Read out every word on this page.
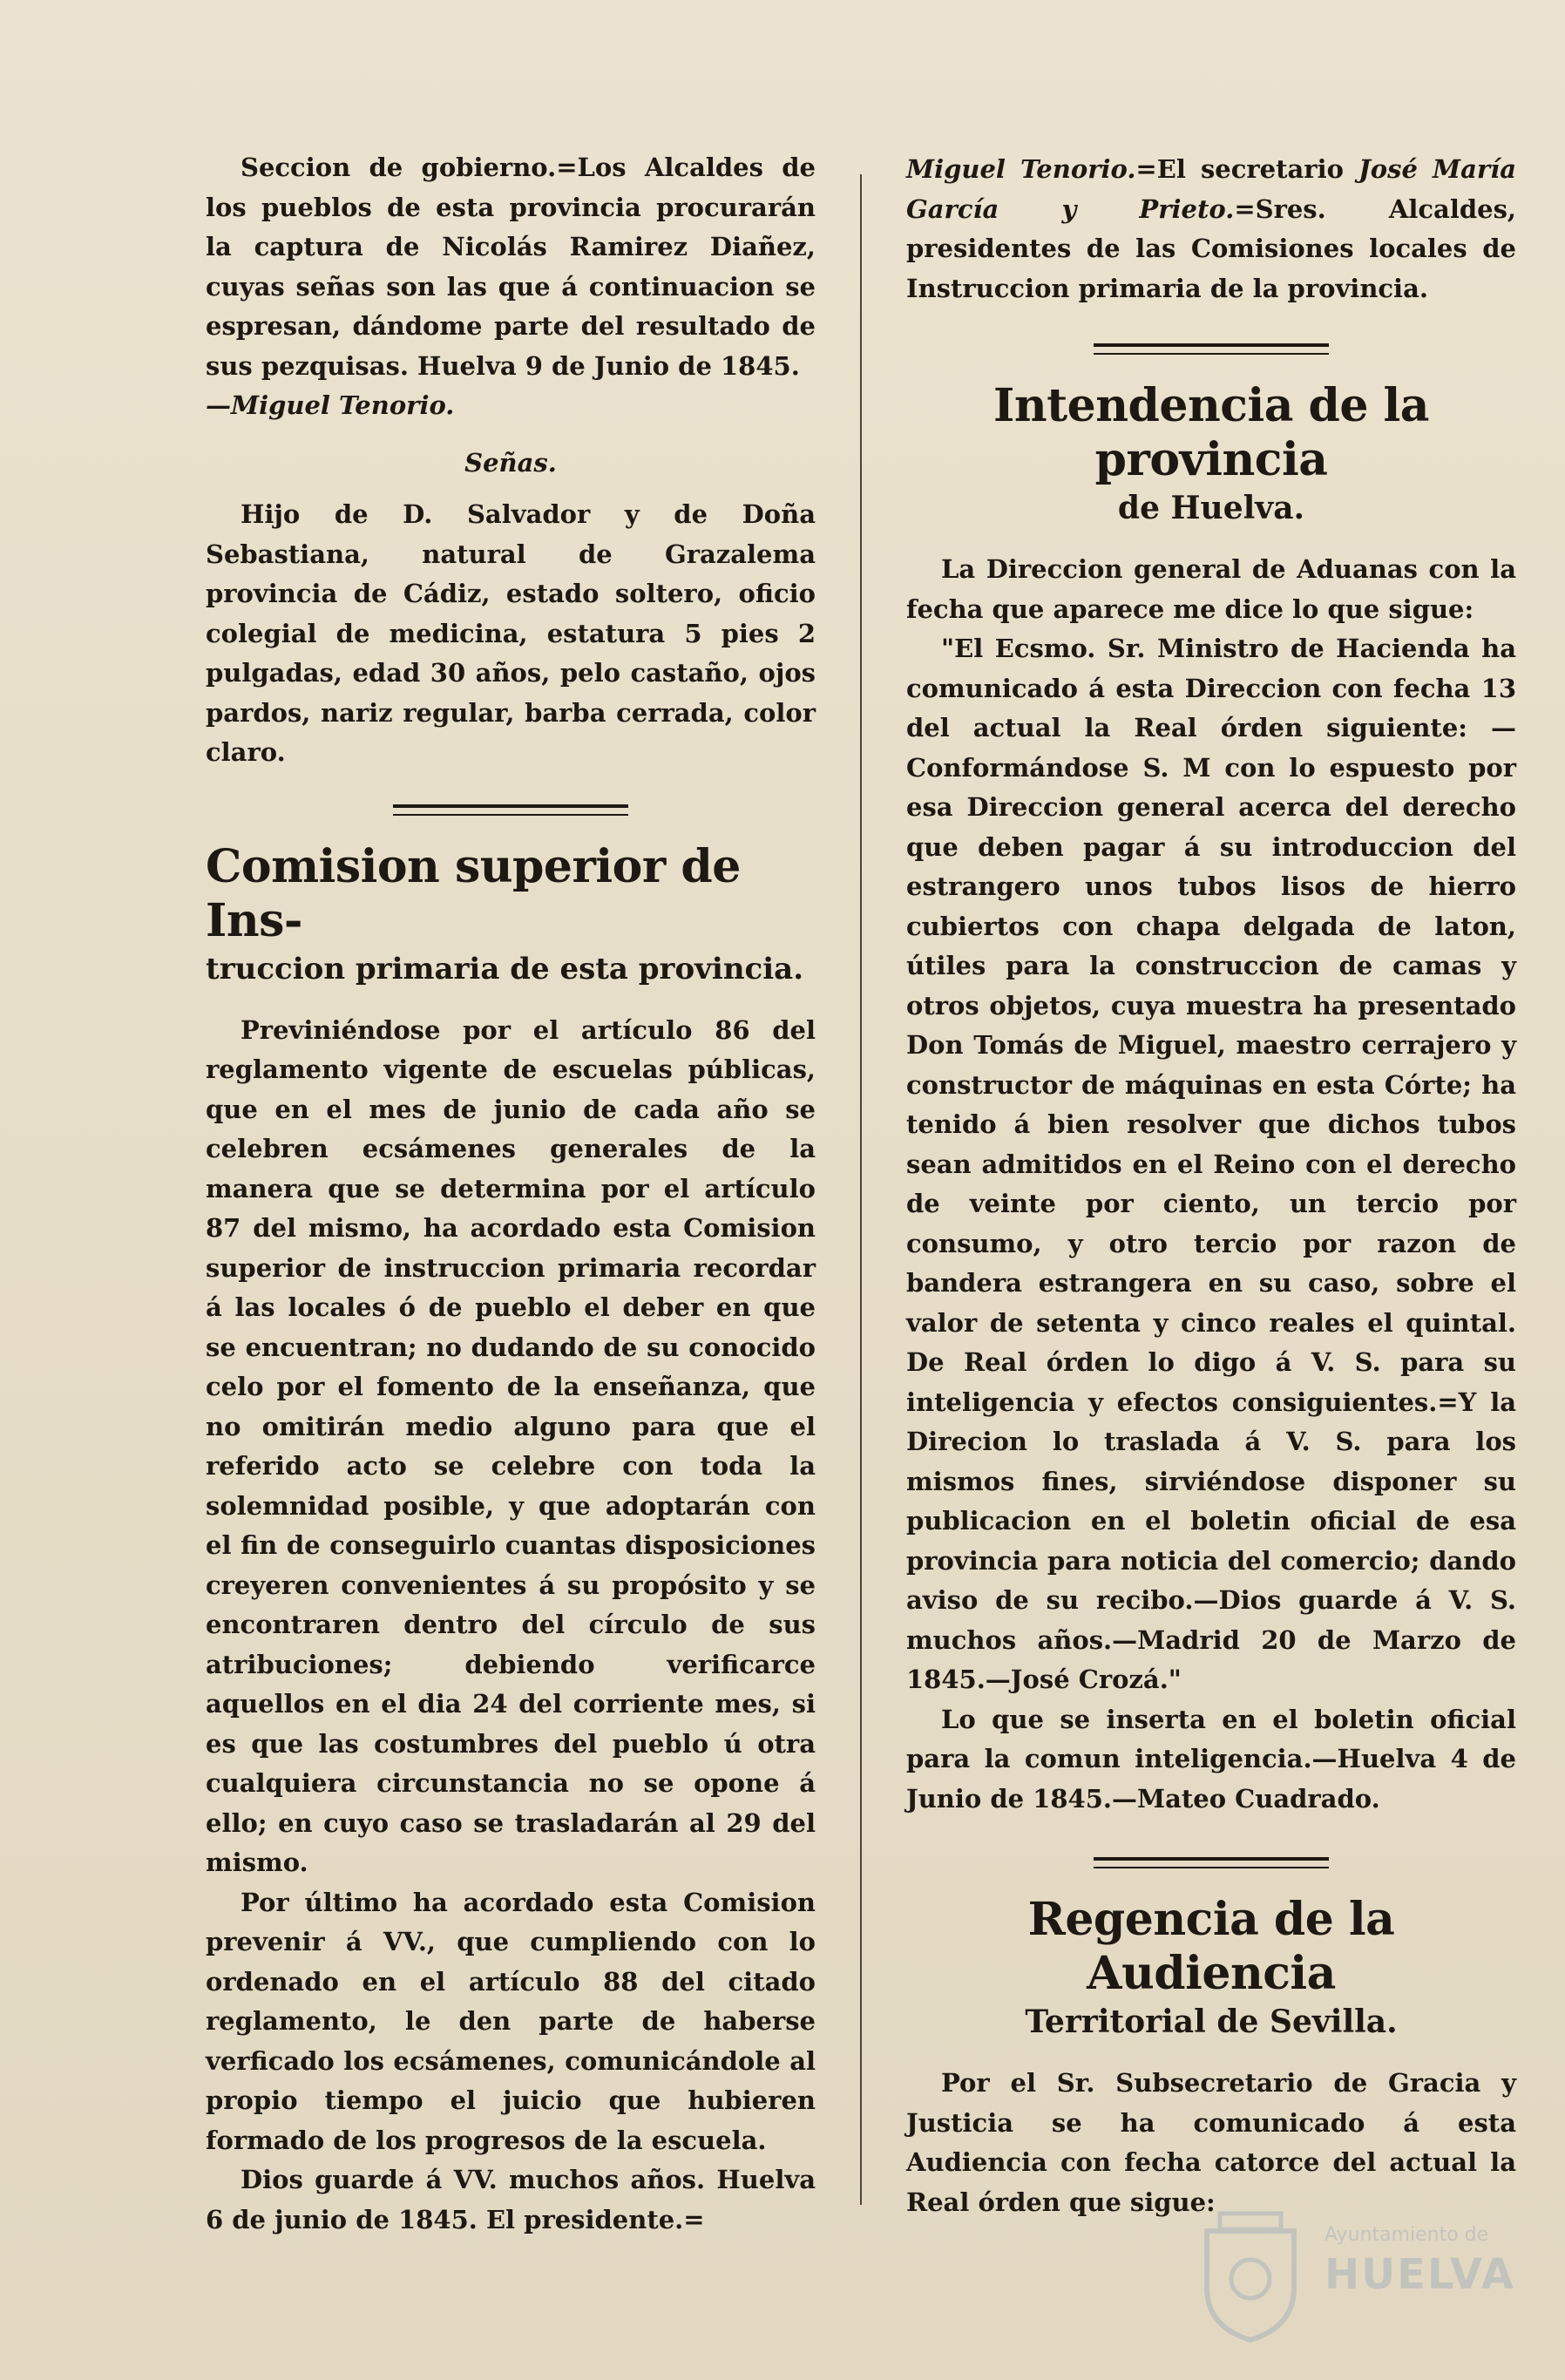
Seccion de gobierno.=Los Alcaldes de los pueblos de esta provincia procurarán la captura de Nicolás Ramirez Diañez, cuyas señas son las que á continuacion se espresan, dándome parte del resultado de sus pezquisas. Huelva 9 de Junio de 1845.
—Miguel Tenorio.

Señas.

Hijo de D. Salvador y de Doña Sebastiana, natural de Grazalema provincia de Cádiz, estado soltero, oficio colegial de medicina, estatura 5 pies 2 pulgadas, edad 30 años, pelo castaño, ojos pardos, nariz regular, barba cerrada, color claro.

Comision superior de Ins-
truccion primaria de esta provincia.

Previniéndose por el artículo 86 del reglamento vigente de escuelas públicas, que en el mes de junio de cada año se celebren ecsámenes generales de la manera que se determina por el artículo 87 del mismo, ha acordado esta Comision superior de instruccion primaria recordar á las locales ó de pueblo el deber en que se encuentran; no dudando de su conocido celo por el fomento de la enseñanza, que no omitirán medio alguno para que el referido acto se celebre con toda la solemnidad posible, y que adoptarán con el fin de conseguirlo cuantas disposiciones creyeren convenientes á su propósito y se encontraren dentro del círculo de sus atribuciones; debiendo verificarce aquellos en el dia 24 del corriente mes, si es que las costumbres del pueblo ú otra cualquiera circunstancia no se opone á ello; en cuyo caso se trasladarán al 29 del mismo.

Por último ha acordado esta Comision prevenir á VV., que cumpliendo con lo ordenado en el artículo 88 del citado reglamento, le den parte de haberse verficado los ecsámenes, comunicándole al propio tiempo el juicio que hubieren formado de los progresos de la escuela.

Dios guarde á VV. muchos años. Huelva 6 de junio de 1845. El presidente.=

Miguel Tenorio.=El secretario José María García y Prieto.=Sres. Alcaldes, presidentes de las Comisiones locales de Instruccion primaria de la provincia.

Intendencia de la provincia
de Huelva.

La Direccion general de Aduanas con la fecha que aparece me dice lo que sigue:

"El Ecsmo. Sr. Ministro de Hacienda ha comunicado á esta Direccion con fecha 13 del actual la Real órden siguiente: —Conformándose S. M con lo espuesto por esa Direccion general acerca del derecho que deben pagar á su introduccion del estrangero unos tubos lisos de hierro cubiertos con chapa delgada de laton, útiles para la construccion de camas y otros objetos, cuya muestra ha presentado Don Tomás de Miguel, maestro cerrajero y constructor de máquinas en esta Córte; ha tenido á bien resolver que dichos tubos sean admitidos en el Reino con el derecho de veinte por ciento, un tercio por consumo, y otro tercio por razon de bandera estrangera en su caso, sobre el valor de setenta y cinco reales el quintal. De Real órden lo digo á V. S. para su inteligencia y efectos consiguientes.=Y la Direcion lo traslada á V. S. para los mismos fines, sirviéndose disponer su publicacion en el boletin oficial de esa provincia para noticia del comercio; dando aviso de su recibo.—Dios guarde á V. S. muchos años.—Madrid 20 de Marzo de 1845.—José Crozá."

Lo que se inserta en el boletin oficial para la comun inteligencia.—Huelva 4 de Junio de 1845.—Mateo Cuadrado.

Regencia de la Audiencia
Territorial de Sevilla.

Por el Sr. Subsecretario de Gracia y Justicia se ha comunicado á esta Audiencia con fecha catorce del actual la Real órden que sigue:

Ayuntamiento de
HUELVA
